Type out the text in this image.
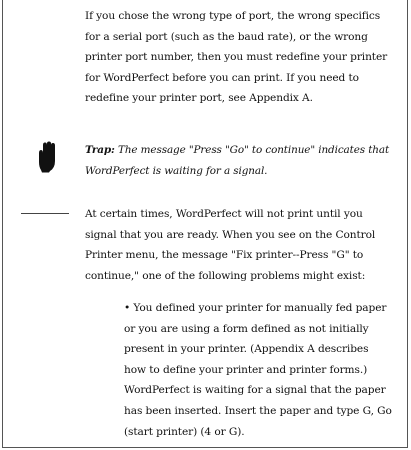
If you chose the wrong type of port, the wrong specifics for a serial port (such as the baud rate), or the wrong printer port number, then you must redefine your printer for WordPerfect before you can print. If you need to redefine your printer port, see Appendix A.
Trap: The message "Press "Go" to continue" indicates that WordPerfect is waiting for a signal.
At certain times, WordPerfect will not print until you signal that you are ready. When you see on the Control Printer menu, the message "Fix printer--Press "G" to continue," one of the following problems might exist:
• You defined your printer for manually fed paper or you are using a form defined as not initially present in your printer. (Appendix A describes how to define your printer and printer forms.) WordPerfect is waiting for a signal that the paper has been inserted. Insert the paper and type G, Go (start printer) (4 or G).
